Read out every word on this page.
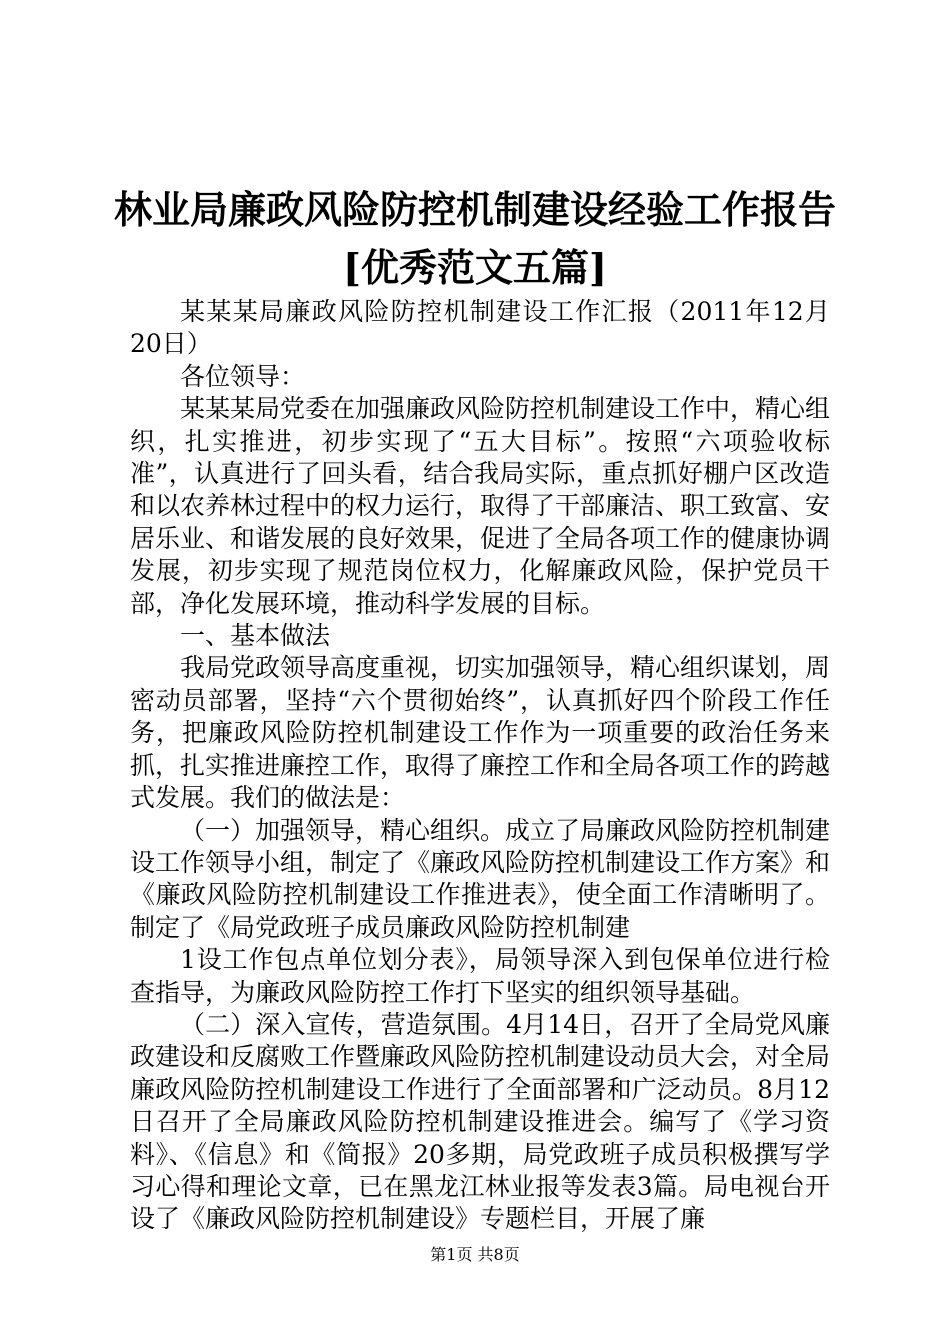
林业局廉政风险防控机制建设经验工作报告
[优秀范文五篇]

某某某局廉政风险防控机制建设工作汇报（2011年12月20日）

各位领导：

某某某局党委在加强廉政风险防控机制建设工作中，精心组织，扎实推进，初步实现了“五大目标”。按照“六项验收标准”，认真进行了回头看，结合我局实际，重点抓好棚户区改造和以农养林过程中的权力运行，取得了干部廉洁、职工致富、安居乐业、和谐发展的良好效果，促进了全局各项工作的健康协调发展，初步实现了规范岗位权力，化解廉政风险，保护党员干部，净化发展环境，推动科学发展的目标。

一、基本做法

我局党政领导高度重视，切实加强领导，精心组织谋划，周密动员部署，坚持“六个贯彻始终”，认真抓好四个阶段工作任务，把廉政风险防控机制建设工作作为一项重要的政治任务来抓，扎实推进廉控工作，取得了廉控工作和全局各项工作的跨越式发展。我们的做法是：

（一）加强领导，精心组织。成立了局廉政风险防控机制建设工作领导小组，制定了《廉政风险防控机制建设工作方案》和《廉政风险防控机制建设工作推进表》，使全面工作清晰明了。制定了《局党政班子成员廉政风险防控机制建

1设工作包点单位划分表》，局领导深入到包保单位进行检查指导，为廉政风险防控工作打下坚实的组织领导基础。

（二）深入宣传，营造氛围。4月14日，召开了全局党风廉政建设和反腐败工作暨廉政风险防控机制建设动员大会，对全局廉政风险防控机制建设工作进行了全面部署和广泛动员。8月12日召开了全局廉政风险防控机制建设推进会。编写了《学习资料》、《信息》和《简报》20多期，局党政班子成员积极撰写学习心得和理论文章，已在黑龙江林业报等发表3篇。局电视台开设了《廉政风险防控机制建设》专题栏目，开展了廉

第1页 共8页
